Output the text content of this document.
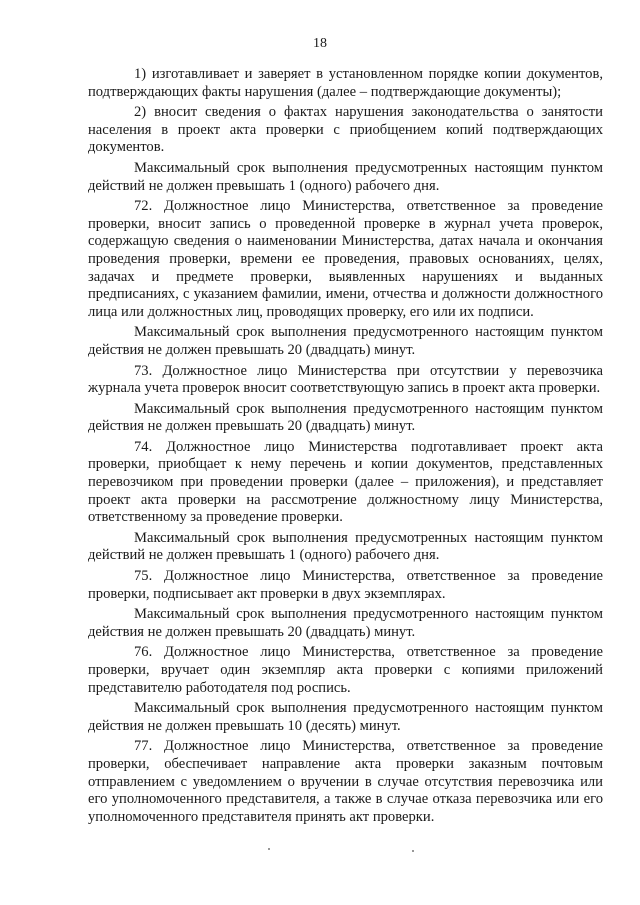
18

1) изготавливает и заверяет в установленном порядке копии документов, подтверждающих факты нарушения (далее – подтверждающие документы);

2) вносит сведения о фактах нарушения законодательства о занятости населения в проект акта проверки с приобщением копий подтверждающих документов.

Максимальный срок выполнения предусмотренных настоящим пунктом действий не должен превышать 1 (одного) рабочего дня.

72. Должностное лицо Министерства, ответственное за проведение проверки, вносит запись о проведенной проверке в журнал учета проверок, содержащую сведения о наименовании Министерства, датах начала и окончания проведения проверки, времени ее проведения, правовых основаниях, целях, задачах и предмете проверки, выявленных нарушениях и выданных предписаниях, с указанием фамилии, имени, отчества и должности должностного лица или должностных лиц, проводящих проверку, его или их подписи.

Максимальный срок выполнения предусмотренного настоящим пунктом действия не должен превышать 20 (двадцать) минут.

73. Должностное лицо Министерства при отсутствии у перевозчика журнала учета проверок вносит соответствующую запись в проект акта проверки.

Максимальный срок выполнения предусмотренного настоящим пунктом действия не должен превышать 20 (двадцать) минут.

74. Должностное лицо Министерства подготавливает проект акта проверки, приобщает к нему перечень и копии документов, представленных перевозчиком при проведении проверки (далее – приложения), и представляет проект акта проверки на рассмотрение должностному лицу Министерства, ответственному за проведение проверки.

Максимальный срок выполнения предусмотренных настоящим пунктом действий не должен превышать 1 (одного) рабочего дня.

75. Должностное лицо Министерства, ответственное за проведение проверки, подписывает акт проверки в двух экземплярах.

Максимальный срок выполнения предусмотренного настоящим пунктом действия не должен превышать 20 (двадцать) минут.

76. Должностное лицо Министерства, ответственное за проведение проверки, вручает один экземпляр акта проверки с копиями приложений представителю работодателя под роспись.

Максимальный срок выполнения предусмотренного настоящим пунктом действия не должен превышать 10 (десять) минут.

77. Должностное лицо Министерства, ответственное за проведение проверки, обеспечивает направление акта проверки заказным почтовым отправлением с уведомлением о вручении в случае отсутствия перевозчика или его уполномоченного представителя, а также в случае отказа перевозчика или его уполномоченного представителя принять акт проверки.
